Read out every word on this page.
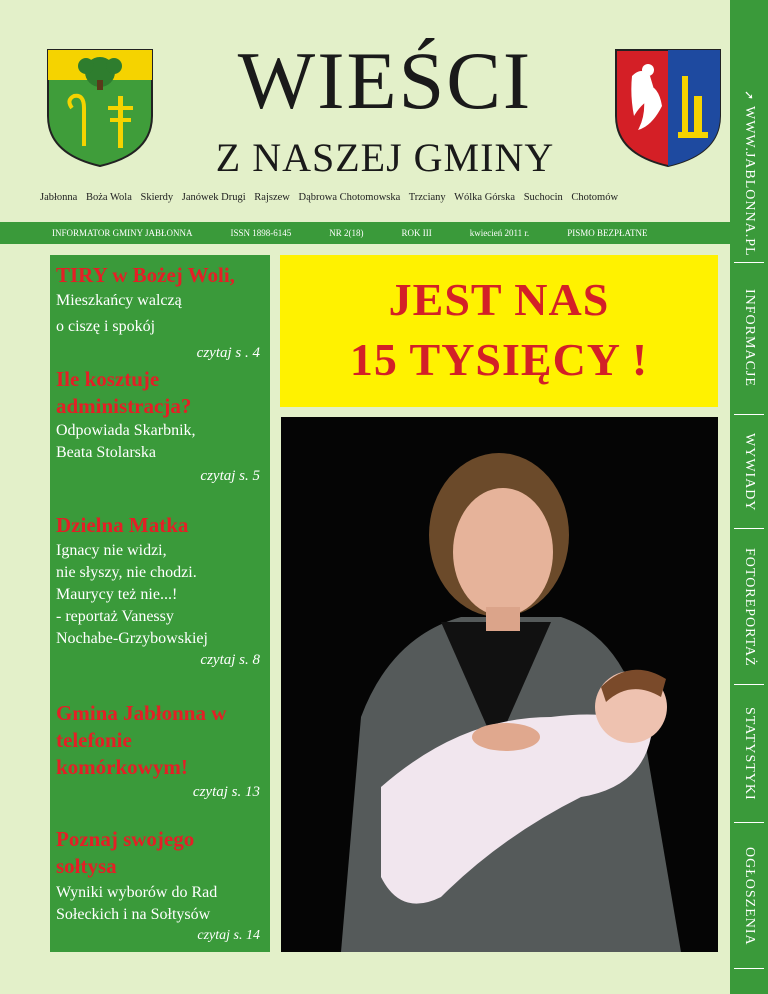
WIEŚCI
Z NASZEJ GMINY
Jabłonna Boża Wola Skierdy Janówek Drugi Rajszew Dąbrowa Chotomowska Trzciany Wólka Górska Suchocin Chotomów
INFORMATOR GMINY JABŁONNA	ISSN 1898-6145	NR 2(18)	ROK III	kwiecień 2011 r.	PISMO BEZPŁATNE
➘
WWW.JABLONNA.PL
INFORMACJE
WYWIADY
FOTOREPORTAŻ
STATYSTYKI
OGŁOSZENIA
TIRY w Bożej Woli,
Mieszkańcy walczą
o ciszę i spokój
czytaj s . 4
Ile kosztuje administracja?
Odpowiada Skarbnik,
Beata Stolarska
czytaj s. 5
Dzielna Matka
Ignacy nie widzi,
nie słyszy, nie chodzi.
Maurycy też nie...!
- reportaż Vanessy
Nochabe-Grzybowskiej
czytaj s. 8
Gmina Jabłonna w telefonie komórkowym!
czytaj s. 13
Poznaj swojego sołtysa
Wyniki wyborów do Rad
Sołeckich i na Sołtysów
czytaj s. 14
JEST NAS
15 TYSIĘCY !
